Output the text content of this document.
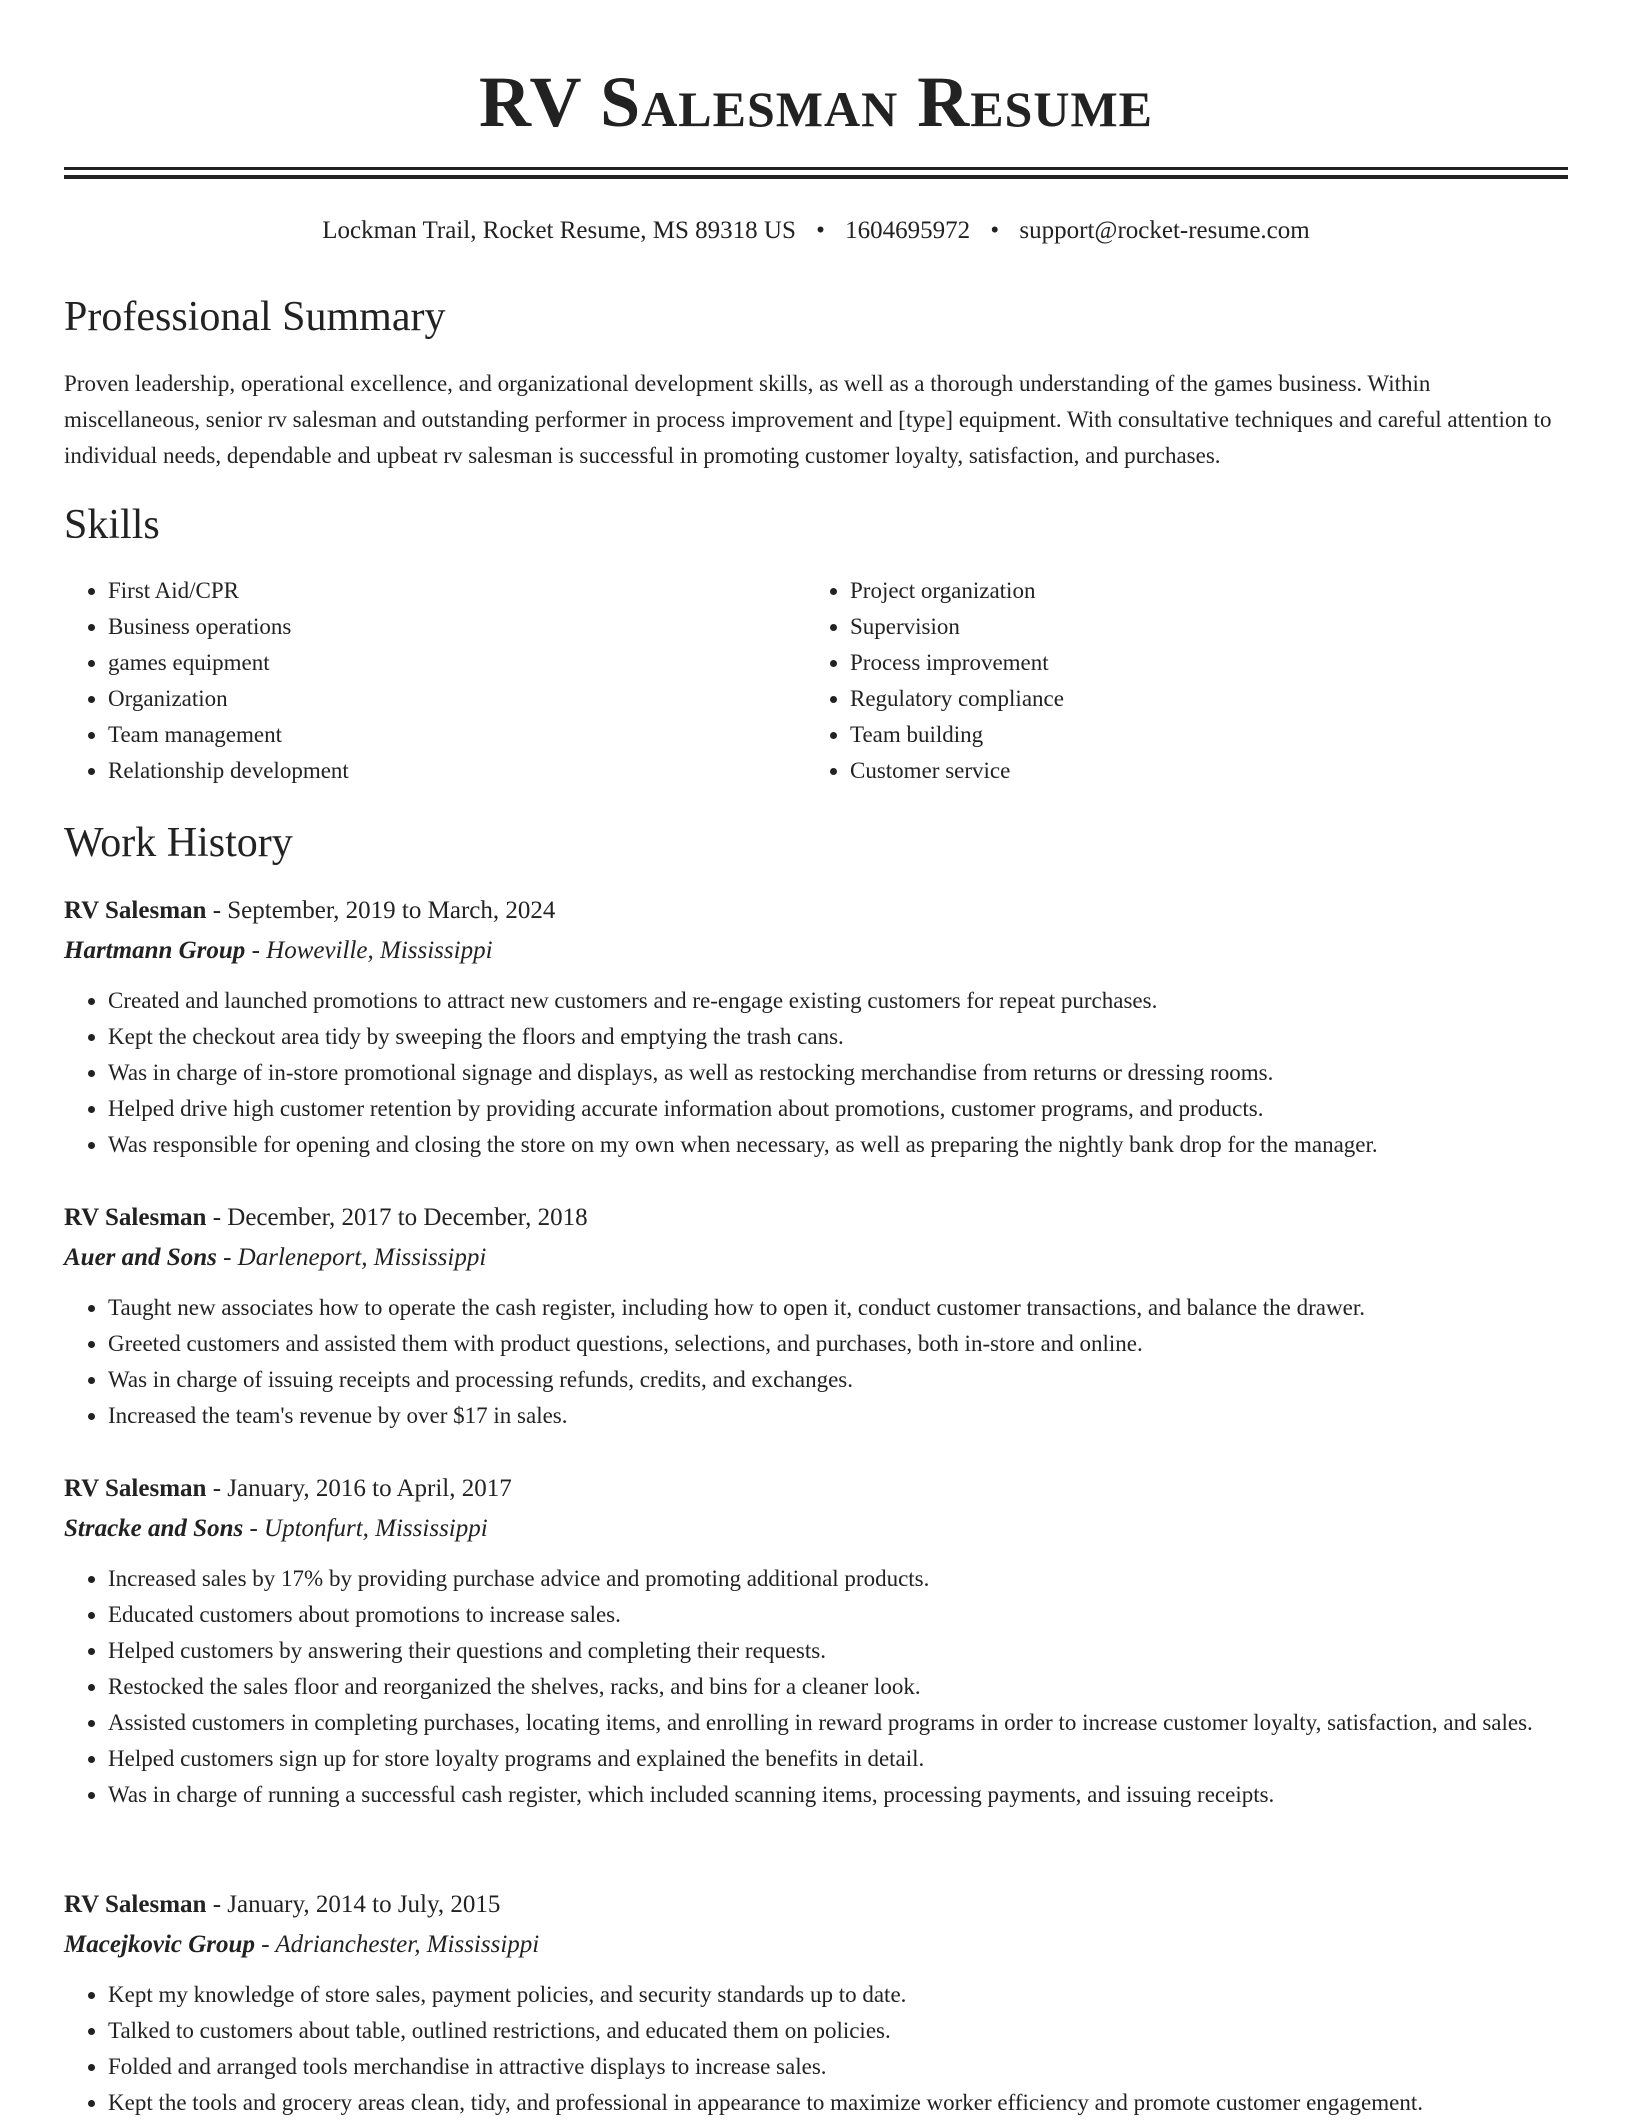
RV Salesman Resume
Lockman Trail, Rocket Resume, MS 89318 US • 1604695972 • support@rocket-resume.com
Professional Summary

Proven leadership, operational excellence, and organizational development skills, as well as a thorough understanding of the games business. Within miscellaneous, senior rv salesman and outstanding performer in process improvement and [type] equipment. With consultative techniques and careful attention to individual needs, dependable and upbeat rv salesman is successful in promoting customer loyalty, satisfaction, and purchases.

Skills
• First Aid/CPR
• Business operations
• games equipment
• Organization
• Team management
• Relationship development
• Project organization
• Supervision
• Process improvement
• Regulatory compliance
• Team building
• Customer service
Work History
RV Salesman - September, 2019 to March, 2024
Hartmann Group - Howeville, Mississippi
• Created and launched promotions to attract new customers and re-engage existing customers for repeat purchases.
• Kept the checkout area tidy by sweeping the floors and emptying the trash cans.
• Was in charge of in-store promotional signage and displays, as well as restocking merchandise from returns or dressing rooms.
• Helped drive high customer retention by providing accurate information about promotions, customer programs, and products.
• Was responsible for opening and closing the store on my own when necessary, as well as preparing the nightly bank drop for the manager.
RV Salesman - December, 2017 to December, 2018
Auer and Sons - Darleneport, Mississippi
• Taught new associates how to operate the cash register, including how to open it, conduct customer transactions, and balance the drawer.
• Greeted customers and assisted them with product questions, selections, and purchases, both in-store and online.
• Was in charge of issuing receipts and processing refunds, credits, and exchanges.
• Increased the team's revenue by over $17 in sales.
RV Salesman - January, 2016 to April, 2017
Stracke and Sons - Uptonfurt, Mississippi
• Increased sales by 17% by providing purchase advice and promoting additional products.
• Educated customers about promotions to increase sales.
• Helped customers by answering their questions and completing their requests.
• Restocked the sales floor and reorganized the shelves, racks, and bins for a cleaner look.
• Assisted customers in completing purchases, locating items, and enrolling in reward programs in order to increase customer loyalty, satisfaction, and sales.
• Helped customers sign up for store loyalty programs and explained the benefits in detail.
• Was in charge of running a successful cash register, which included scanning items, processing payments, and issuing receipts.
RV Salesman - January, 2014 to July, 2015
Macejkovic Group - Adrianchester, Mississippi
• Kept my knowledge of store sales, payment policies, and security standards up to date.
• Talked to customers about table, outlined restrictions, and educated them on policies.
• Folded and arranged tools merchandise in attractive displays to increase sales.
• Kept the tools and grocery areas clean, tidy, and professional in appearance to maximize worker efficiency and promote customer engagement.
